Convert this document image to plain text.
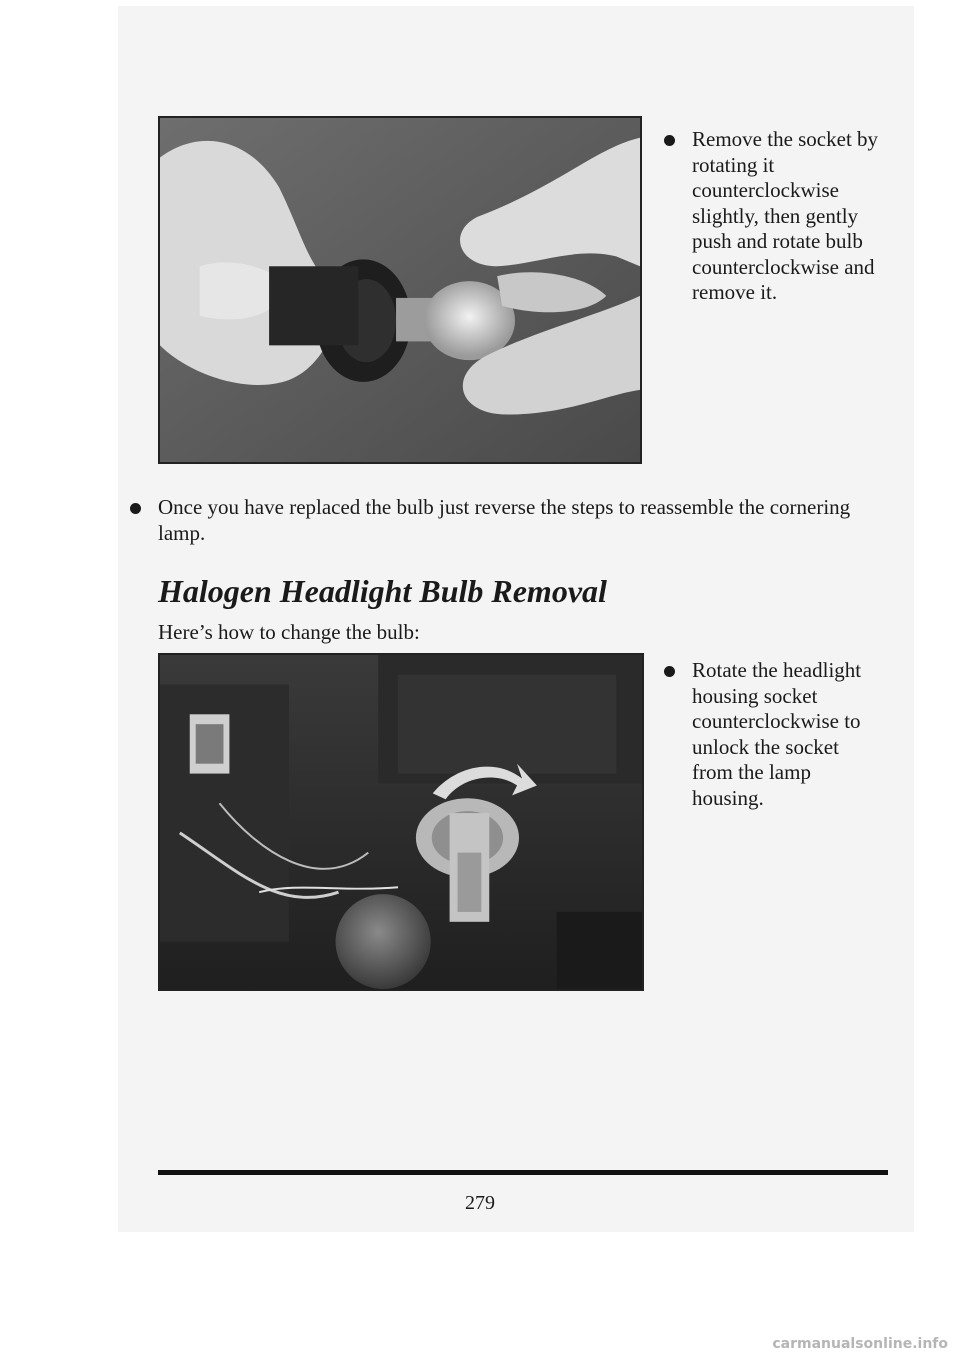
Remove the socket by rotating it counterclockwise slightly, then gently push and rotate bulb counterclockwise and remove it.
Once you have replaced the bulb just reverse the steps to reassemble the cornering lamp.
Halogen Headlight Bulb Removal

Here’s how to change the bulb:

Rotate the headlight housing socket counterclockwise to unlock the socket from the lamp housing.
279
carmanualsonline.info
